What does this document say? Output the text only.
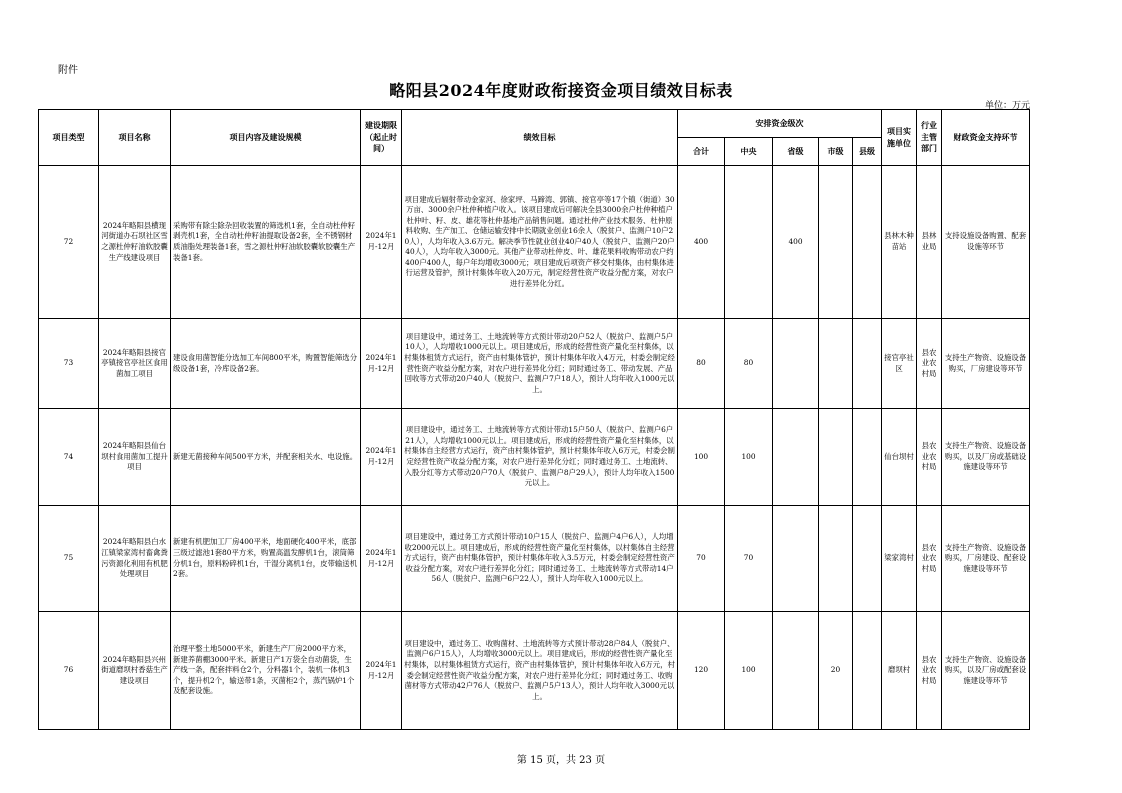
附件
略阳县2024年度财政衔接资金项目绩效目标表
单位：万元
项目类型	项目名称	项目内容及建设规模	建设期限（起止时间）	绩效目标	安排资金级次					项目实施单位	行业主管部门	财政资金支持环节
					合计	中央	省级	市级	县级			
72	2024年略阳县横现河街道办石坝社区雪之源杜仲籽油软胶囊生产线建设项目	采购带有除尘除杂回收装置的筛选机1套，全自动杜仲籽剥壳机1套，全自动杜仲籽油提取设备2套，全不锈钢材质油脂处理装备1套，雪之源杜仲籽油软胶囊软胶囊生产装备1套。	2024年1月-12月	项目建成后辐射带动金家河、徐家坪、马蹄湾、郭镇、接官亭等17个镇（街道）30万亩、3000余户杜仲种植户收入。该项目建成后可解决全县3000余户杜仲种植户杜仲叶、籽、皮、雄花等杜仲基地产品销售问题。通过杜仲产业技术服务、杜仲原料收购、生产加工、仓储运输安排中长期就业创业16余人（脱贫户、监测户10户20人），人均年收入3.6万元。解决季节性就业创业40户40人（脱贫户、监测户20户40人），人均年收入3000元。其他产业带动杜仲皮、叶、雄花果料收购带动农户约400户400人，每户年均增收3000元；项目建成后项资产移交村集体，由村集体进行运营及管护，预计村集体年收入20万元，制定经营性资产收益分配方案，对农户进行差异化分红。	400		400			县林木种苗站	县林业局	支持设施设备购置、配套设施等环节
73	2024年略阳县接官亭镇接官亭社区食用菌加工项目	建设食用菌智能分选加工车间800平米，购置智能筛选分级设备1套，冷库设备2套。	2024年1月-12月	项目建设中，通过务工、土地流转等方式预计带动20户52人（脱贫户、监测户5户10人），人均增收1000元以上。项目建成后，形成的经营性资产量化至村集体，以村集体租赁方式运行，资产由村集体管护，预计村集体年收入4万元，村委会制定经营性资产收益分配方案，对农户进行差异化分红；同时通过务工、带动发展、产品回收等方式带动20户40人（脱贫户、监测户7户18人），预计人均年收入1000元以上。	80	80				接官亭社区	县农业农村局	支持生产物资、设施设备购买，厂房建设等环节
74	2024年略阳县仙台坝村食用菌加工提升项目	新建无菌接种车间500平方米，并配套相关水、电设施。	2024年1月-12月	项目建设中，通过务工、土地流转等方式预计带动15户50人（脱贫户、监测户6户21人），人均增收1000元以上。项目建成后，形成的经营性资产量化至村集体，以村集体自主经营方式运行，资产由村集体管护，预计村集体年收入6万元，村委会制定经营性资产收益分配方案，对农户进行差异化分红；同时通过务工、土地流转、入股分红等方式带动20户70人（脱贫户、监测户8户29人），预计人均年收入1500元以上。	100	100				仙台坝村	县农业农村局	支持生产物资、设施设备购买，以及厂房或基础设施建设等环节
75	2024年略阳县白水江镇梁家湾村畜禽粪污资源化利用有机肥处理项目	新建有机肥加工厂房400平米，地面硬化400平米，底部三级过滤池1套80平方米，购置高温发酵机1台，滚筒筛分机1台，原料粉碎机1台，干湿分离机1台，皮带输送机2套。	2024年1月-12月	项目建设中，通过务工方式预计带动10户15人（脱贫户、监测户4户6人），人均增收2000元以上。项目建成后，形成的经营性资产量化至村集体，以村集体自主经营方式运行，资产由村集体管护，预计村集体年收入3.5万元，村委会制定经营性资产收益分配方案，对农户进行差异化分红；同时通过务工、土地流转等方式带动14户56人（脱贫户、监测户6户22人），预计人均年收入1000元以上。	70	70				梁家湾村	县农业农村局	支持生产物资、设施设备购买，厂房建设、配套设施建设等环节
76	2024年略阳县兴州街道磨坝村香菇生产建设项目	治理平整土地5000平米，新建生产厂房2000平方米，新建养菌棚3000平米。新建日产1万袋全自动菌袋，生产线一条，配套拌料仓2个，分料器1个，装机一体机3个，提升机2个，输送带1条，灭菌柜2个，蒸汽锅炉1个及配套设施。	2024年1月-12月	项目建设中，通过务工、收购菌材、土地流转等方式预计带动28户84人（脱贫户、监测户6户15人），人均增收3000元以上。项目建成后，形成的经营性资产量化至村集体，以村集体租赁方式运行，资产由村集体管护，预计村集体年收入6万元，村委会制定经营性资产收益分配方案，对农户进行差异化分红；同时通过务工、收购菌材等方式带动42户76人（脱贫户、监测户5户13人），预计人均年收入3000元以上。	120	100		20		磨坝村	县农业农村局	支持生产物资、设施设备购买，以及厂房或配套设施建设等环节
第 15 页，共 23 页
